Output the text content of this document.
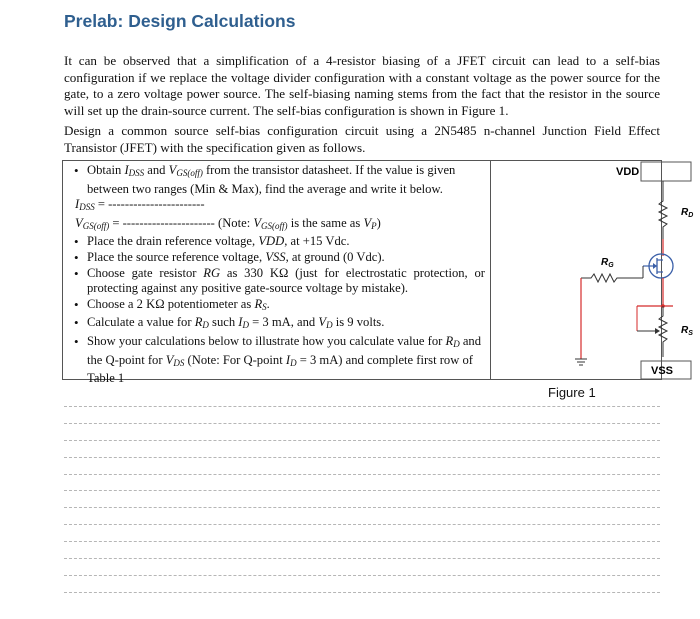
Prelab: Design Calculations
It can be observed that a simplification of a 4-resistor biasing of a JFET circuit can lead to a self-bias configuration if we replace the voltage divider configuration with a constant voltage as the power source for the gate, to a zero voltage power source. The self-biasing naming stems from the fact that the resistor in the source will set up the drain-source current. The self-bias configuration is shown in Figure 1.
Design a common source self-bias configuration circuit using a 2N5485 n-channel Junction Field Effect Transistor (JFET) with the specification given as follows.
• Obtain $I_{DSS}$ and $V_{GS(off)}$ from the transistor datasheet. If the value is given between two ranges (Min & Max), find the average and write it below.
$I_{DSS}$ = -----------------------
$V_{GS(off)}$ = ---------------------- (Note: $V_{GS(off)}$ is the same as $V_P$)
• Place the drain reference voltage, VDD, at +15 Vdc.
• Place the source reference voltage, VSS, at ground (0 Vdc).
• Choose gate resistor RG as 330 KΩ (just for electrostatic protection, or protecting against any positive gate-source voltage by mistake).
• Choose a 2 KΩ potentiometer as $R_S$.
• Calculate a value for $R_D$ such $I_D = 3$ mA, and $V_D$ is 9 volts.
• Show your calculations below to illustrate how you calculate value for $R_D$ and the Q-point for $V_{DS}$ (Note: For Q-point $I_D = 3$ mA) and complete first row of Table 1
VDD
$R_D$
$R_S$
$R_G$
VSS
Figure 1
